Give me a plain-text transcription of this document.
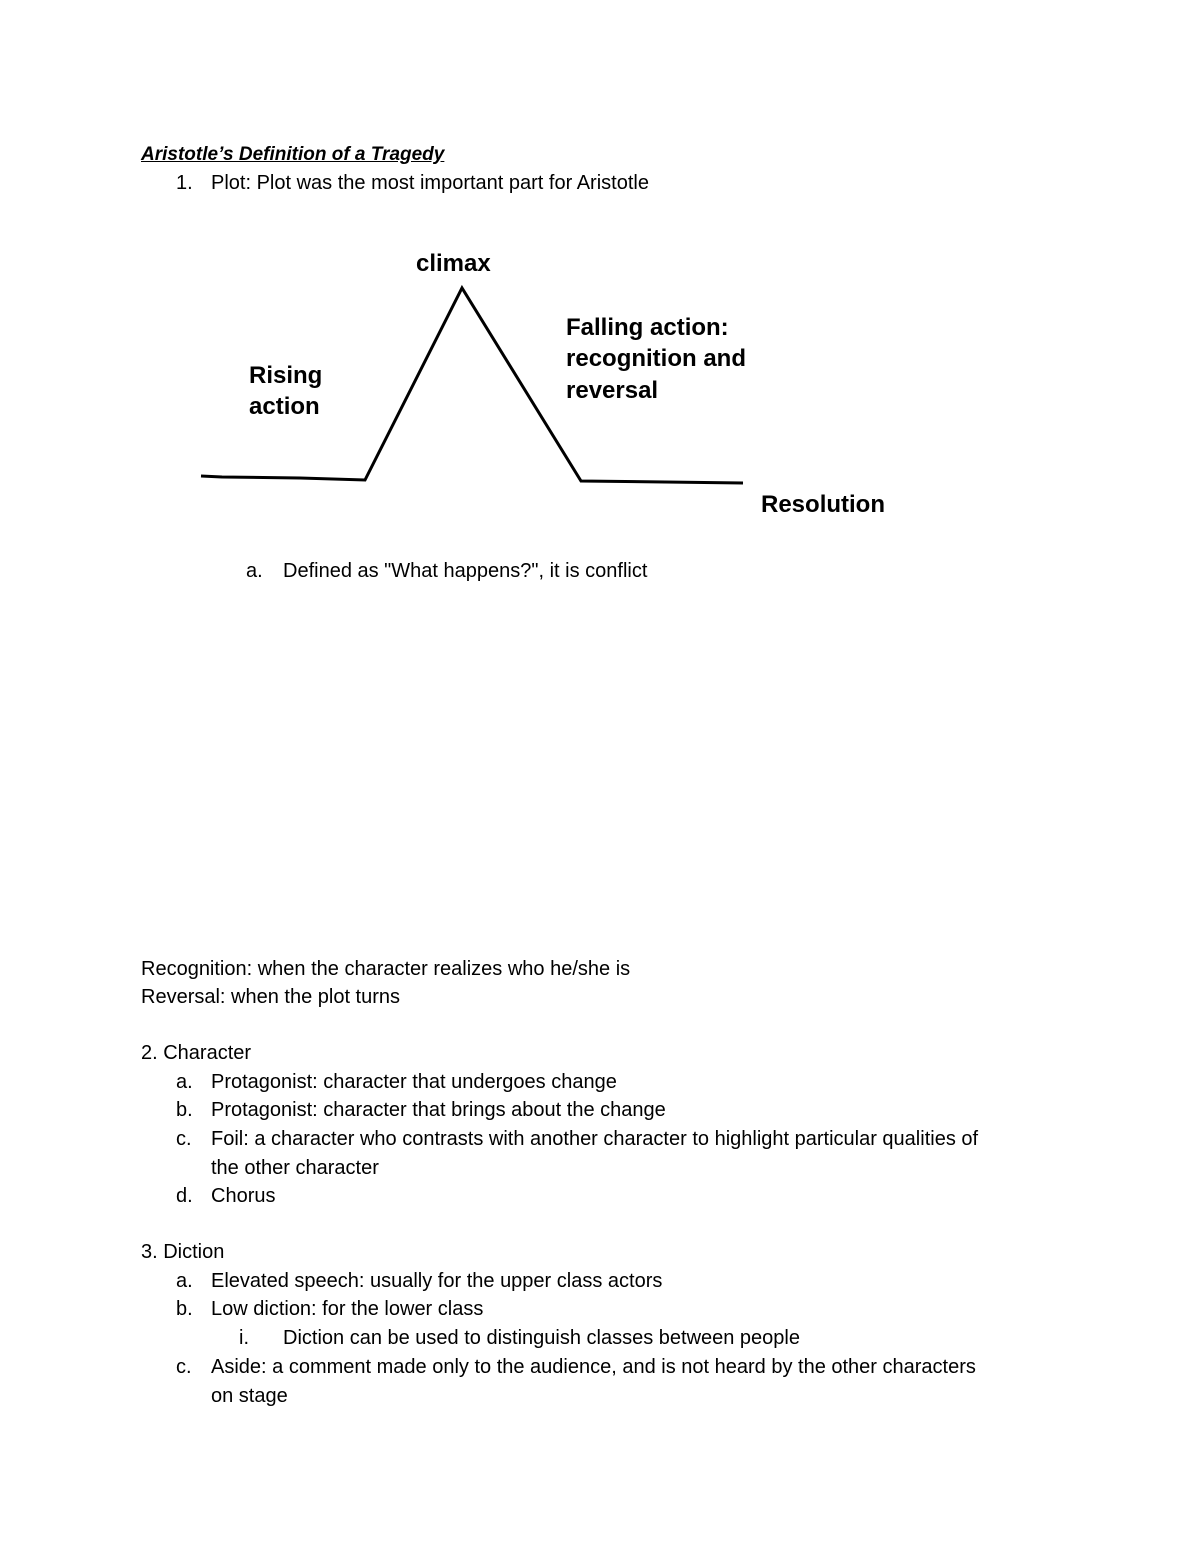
Aristotle’s Definition of a Tragedy
1. Plot: Plot was the most important part for Aristotle
climax
Rising
action
Falling action:
recognition and
reversal
Resolution
a. Defined as "What happens?", it is conflict
Recognition: when the character realizes who he/she is
Reversal: when the plot turns
2. Character
a. Protagonist: character that undergoes change
b. Protagonist: character that brings about the change
c. Foil: a character who contrasts with another character to highlight particular qualities of
the other character
d. Chorus
3. Diction
a. Elevated speech: usually for the upper class actors
b. Low diction: for the lower class
i. Diction can be used to distinguish classes between people
c. Aside: a comment made only to the audience, and is not heard by the other characters
on stage
